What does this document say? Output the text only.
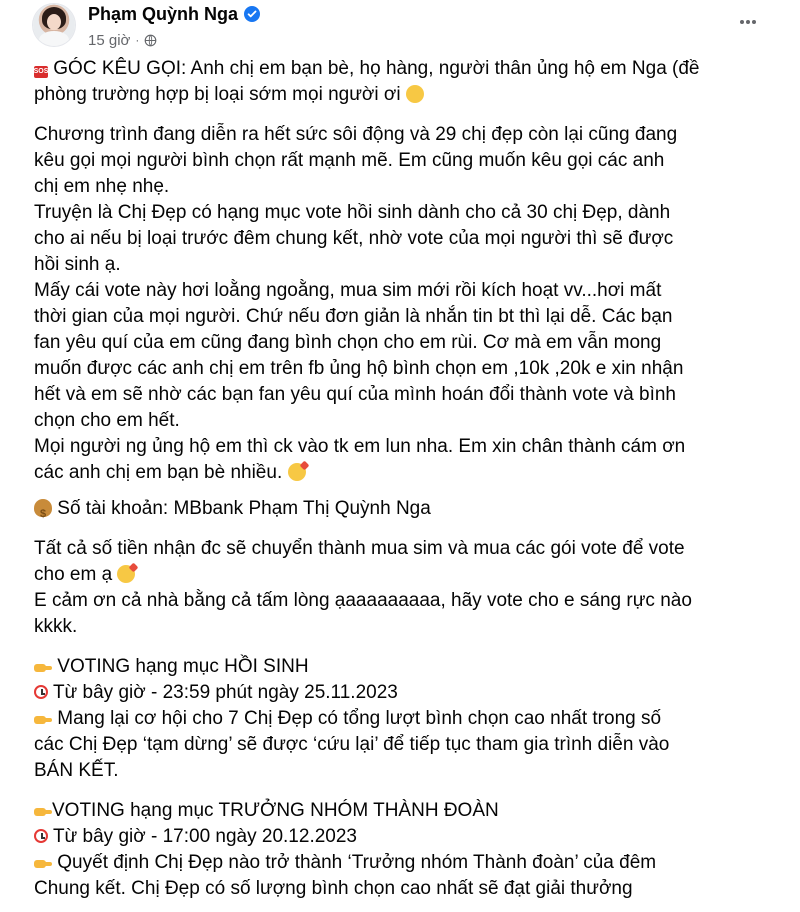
Phạm Quỳnh Nga
15 giờ ·
SOS GÓC KÊU GỌI: Anh chị em bạn bè, họ hàng, người thân ủng hộ em Nga (đề
phòng trường hợp bị loại sớm mọi người ơi
Chương trình đang diễn ra hết sức sôi động và 29 chị đẹp còn lại cũng đang
kêu gọi mọi người bình chọn rất mạnh mẽ. Em cũng muốn kêu gọi các anh
chị em nhẹ nhẹ.
Truyện là Chị Đẹp có hạng mục vote hồi sinh dành cho cả 30 chị Đẹp, dành
cho ai nếu bị loại trước đêm chung kết, nhờ vote của mọi người thì sẽ được
hồi sinh ạ.
Mấy cái vote này hơi loằng ngoằng, mua sim mới rồi kích hoạt vv...hơi mất
thời gian của mọi người. Chứ nếu đơn giản là nhắn tin bt thì lại dễ. Các bạn
fan yêu quí của em cũng đang bình chọn cho em rùi. Cơ mà em vẫn mong
muốn được các anh chị em trên fb ủng hộ bình chọn em ,10k ,20k e xin nhận
hết và em sẽ nhờ các bạn fan yêu quí của mình hoán đổi thành vote và bình
chọn cho em hết.
Mọi người ng ủng hộ em thì ck vào tk em lun nha. Em xin chân thành cám ơn
các anh chị em bạn bè nhiều.
$ Số tài khoản: MBbank Phạm Thị Quỳnh Nga
Tất cả số tiền nhận đc sẽ chuyển thành mua sim và mua các gói vote để vote
cho em ạ
E cảm ơn cả nhà bằng cả tấm lòng ạaaaaaaaaa, hãy vote cho e sáng rực nào
kkkk.
VOTING hạng mục HỒI SINH
Từ bây giờ - 23:59 phút ngày 25.11.2023
Mang lại cơ hội cho 7 Chị Đẹp có tổng lượt bình chọn cao nhất trong số
các Chị Đẹp ‘tạm dừng’ sẽ được ‘cứu lại’ để tiếp tục tham gia trình diễn vào
BÁN KẾT.
VOTING hạng mục TRƯỞNG NHÓM THÀNH ĐOÀN
Từ bây giờ - 17:00 ngày 20.12.2023
Quyết định Chị Đẹp nào trở thành ‘Trưởng nhóm Thành đoàn’ của đêm
Chung kết. Chị Đẹp có số lượng bình chọn cao nhất sẽ đạt giải thưởng
